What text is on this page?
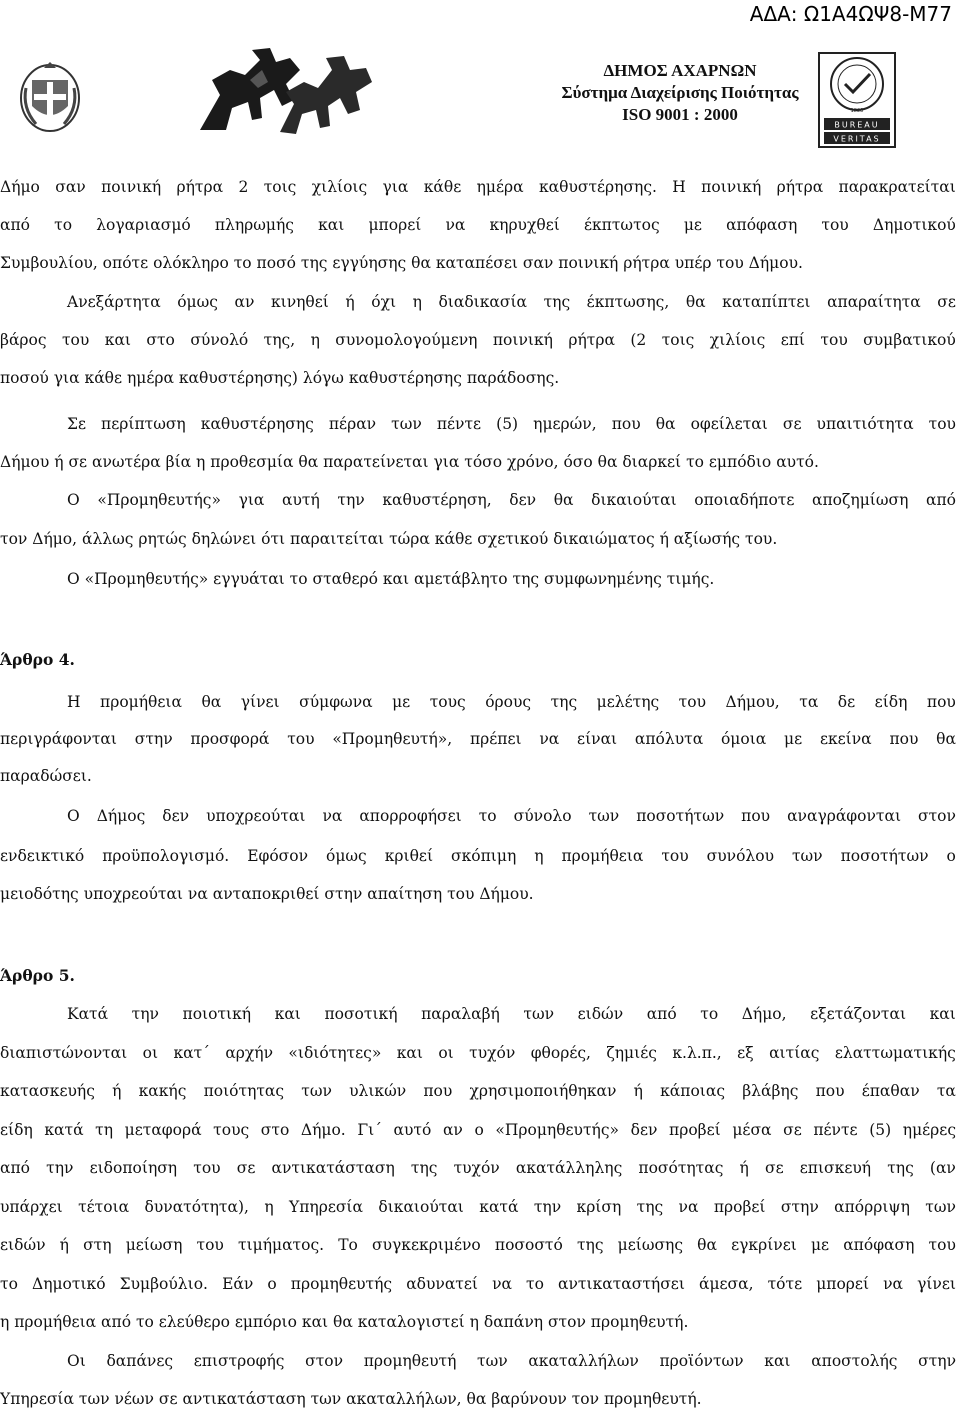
ΑΔΑ: Ω1Α4ΩΨ8-Μ77
ΔΗΜΟΣ ΑΧΑΡΝΩΝ
Σύστημα Διαχείρισης Ποιότητας
ISO 9001 : 2000
BUREAU
VERITAS
1828
Δήμο σαν ποινική ρήτρα 2 τοις χιλίοις για κάθε ημέρα καθυστέρησης. Η ποινική ρήτρα παρακρατείται
από το λογαριασμό πληρωμής και μπορεί να κηρυχθεί έκπτωτος με απόφαση του Δημοτικού
Συμβουλίου, οπότε ολόκληρο το ποσό της εγγύησης θα καταπέσει σαν ποινική ρήτρα υπέρ του Δήμου.
Ανεξάρτητα όμως αν κινηθεί ή όχι η διαδικασία της έκπτωσης, θα καταπίπτει απαραίτητα σε
βάρος του και στο σύνολό της, η συνομολογούμενη ποινική ρήτρα (2 τοις χιλίοις επί του συμβατικού
ποσού για κάθε ημέρα καθυστέρησης) λόγω καθυστέρησης παράδοσης.
Σε περίπτωση καθυστέρησης πέραν των πέντε (5) ημερών, που θα οφείλεται σε υπαιτιότητα του
Δήμου ή σε ανωτέρα βία η προθεσμία θα παρατείνεται για τόσο χρόνο, όσο θα διαρκεί το εμπόδιο αυτό.
Ο «Προμηθευτής» για αυτή την καθυστέρηση, δεν θα δικαιούται οποιαδήποτε αποζημίωση από
τον Δήμο, άλλως ρητώς δηλώνει ότι παραιτείται τώρα κάθε σχετικού δικαιώματος ή αξίωσής του.
Ο «Προμηθευτής» εγγυάται το σταθερό και αμετάβλητο της συμφωνημένης τιμής.
Άρθρο 4.
Η προμήθεια θα γίνει σύμφωνα με τους όρους της μελέτης του Δήμου, τα δε είδη που
περιγράφονται στην προσφορά του «Προμηθευτή», πρέπει να είναι απόλυτα όμοια με εκείνα που θα
παραδώσει.
Ο Δήμος δεν υποχρεούται να απορροφήσει το σύνολο των ποσοτήτων που αναγράφονται στον
ενδεικτικό προϋπολογισμό. Εφόσον όμως κριθεί σκόπιμη η προμήθεια του συνόλου των ποσοτήτων ο
μειοδότης υποχρεούται να ανταποκριθεί στην απαίτηση του Δήμου.
Άρθρο 5.
Κατά την ποιοτική και ποσοτική παραλαβή των ειδών από το Δήμο, εξετάζονται και
διαπιστώνονται οι κατ΄ αρχήν «ιδιότητες» και οι τυχόν φθορές, ζημιές κ.λ.π., εξ αιτίας ελαττωματικής
κατασκευής ή κακής ποιότητας των υλικών που χρησιμοποιήθηκαν ή κάποιας βλάβης που έπαθαν τα
είδη κατά τη μεταφορά τους στο Δήμο. Γι΄ αυτό αν ο «Προμηθευτής» δεν προβεί μέσα σε πέντε (5) ημέρες
από την ειδοποίηση του σε αντικατάσταση της τυχόν ακατάλληλης ποσότητας ή σε επισκευή της (αν
υπάρχει τέτοια δυνατότητα), η Υπηρεσία δικαιούται κατά την κρίση της να προβεί στην απόρριψη των
ειδών ή στη μείωση του τιμήματος. Το συγκεκριμένο ποσοστό της μείωσης θα εγκρίνει με απόφαση του
το Δημοτικό Συμβούλιο. Εάν ο προμηθευτής αδυνατεί να το αντικαταστήσει άμεσα, τότε μπορεί να γίνει
η προμήθεια από το ελεύθερο εμπόριο και θα καταλογιστεί η δαπάνη στον προμηθευτή.
Οι δαπάνες επιστροφής στον προμηθευτή των ακαταλλήλων προϊόντων και αποστολής στην
Υπηρεσία των νέων σε αντικατάσταση των ακαταλλήλων, θα βαρύνουν τον προμηθευτή.
